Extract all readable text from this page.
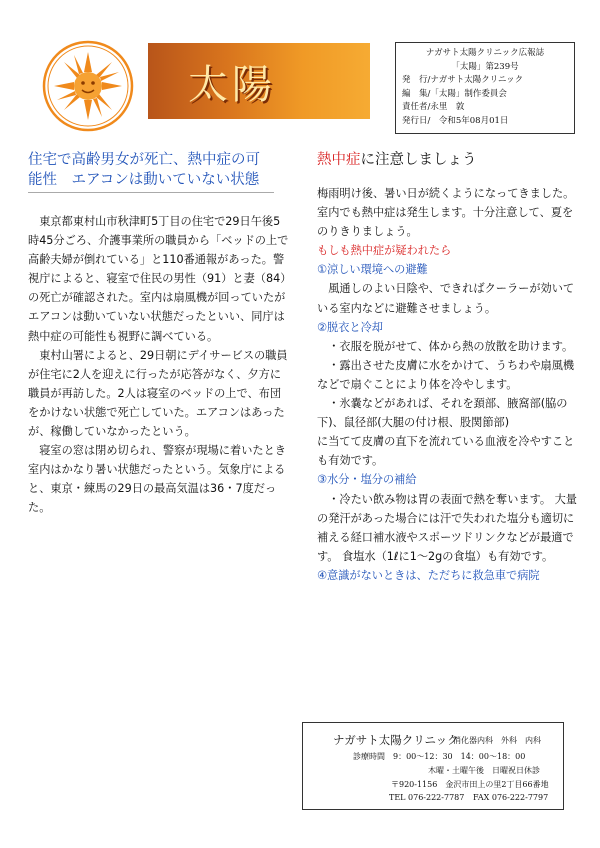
太陽
ナガサト太陽クリニック広報誌
「太陽」第239号
発　行/ナガサト太陽クリニック
編　集/「太陽」制作委員会
責任者/永里　敦
発行日/　令和5年08月01日
住宅で高齢男女が死亡、熱中症の可
能性　エアコンは動いていない状態

東京都東村山市秋津町5丁目の住宅で29日午後5時45分ごろ、介護事業所の職員から「ベッドの上で高齢夫婦が倒れている」と110番通報があった。警視庁によると、寝室で住民の男性（91）と妻（84）の死亡が確認された。室内は扇風機が回っていたがエアコンは動いていない状態だったといい、同庁は熱中症の可能性も視野に調べている。

東村山署によると、29日朝にデイサービスの職員が住宅に2人を迎えに行ったが応答がなく、夕方に職員が再訪した。2人は寝室のベッドの上で、布団をかけない状態で死亡していた。エアコンはあったが、稼働していなかったという。

寝室の窓は閉め切られ、警察が現場に着いたとき室内はかなり暑い状態だったという。気象庁によると、東京・練馬の29日の最高気温は36・7度だった。

熱中症に注意しましょう

梅雨明け後、暑い日が続くようになってきました。室内でも熱中症は発生します。十分注意して、夏をのりきりましょう。

もしも熱中症が疑われたら

①涼しい環境への避難

風通しのよい日陰や、できればクーラーが効いている室内などに避難させましょう。

②脱衣と冷却

・衣服を脱がせて、体から熱の放散を助けます。

・露出させた皮膚に水をかけて、うちわや扇風機などで扇ぐことにより体を冷やします。

・氷嚢などがあれば、それを頚部、腋窩部(脇の下)、鼠径部(大腿の付け根、股関節部)

に当てて皮膚の直下を流れている血液を冷やすことも有効です。

③水分・塩分の補給

・冷たい飲み物は胃の表面で熱を奪います。 大量の発汗があった場合には汗で失われた塩分も適切に補える経口補水液やスポーツドリンクなどが最適です。 食塩水（1ℓに1～2gの食塩）も有効です。

④意識がないときは、ただちに救急車で病院

ナガサト太陽クリニック
消化器内科　外科　内科
診療時間　9：00～12：30　14：00～18：00
木曜・土曜午後　日曜祝日休診
〒920-1156　金沢市田上の里2丁目66番地
TEL 076-222-7787 FAX 076-222-7797
